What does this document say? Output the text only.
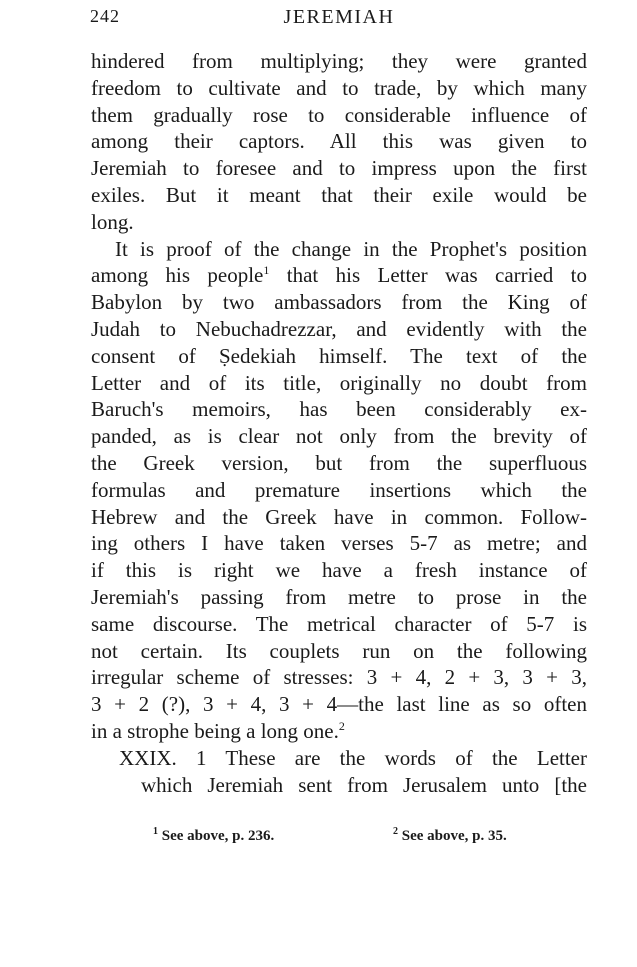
242	JEREMIAH
hindered from multiplying; they were granted
freedom to cultivate and to trade, by which many
them gradually rose to considerable influence of
among their captors. All this was given to
Jeremiah to foresee and to impress upon the first
exiles. But it meant that their exile would be
long.
It is proof of the change in the Prophet's position
among his people$^1$ that his Letter was carried to
Babylon by two ambassadors from the King of
Judah to Nebuchadrezzar, and evidently with the
consent of Ṣedekiah himself. The text of the
Letter and of its title, originally no doubt from
Baruch's memoirs, has been considerably ex-
panded, as is clear not only from the brevity of
the Greek version, but from the superfluous
formulas and premature insertions which the
Hebrew and the Greek have in common. Follow-
ing others I have taken verses 5-7 as metre; and
if this is right we have a fresh instance of
Jeremiah's passing from metre to prose in the
same discourse. The metrical character of 5-7 is
not certain. Its couplets run on the following
irregular scheme of stresses: 3 + 4, 2 + 3, 3 + 3,
3 + 2 (?), 3 + 4, 3 + 4—the last line as so often
in a strophe being a long one.$^2$
XXIX. 1 These are the words of the Letter
which Jeremiah sent from Jerusalem unto [the
$^1$ See above, p. 236.	$^2$ See above, p. 35.
